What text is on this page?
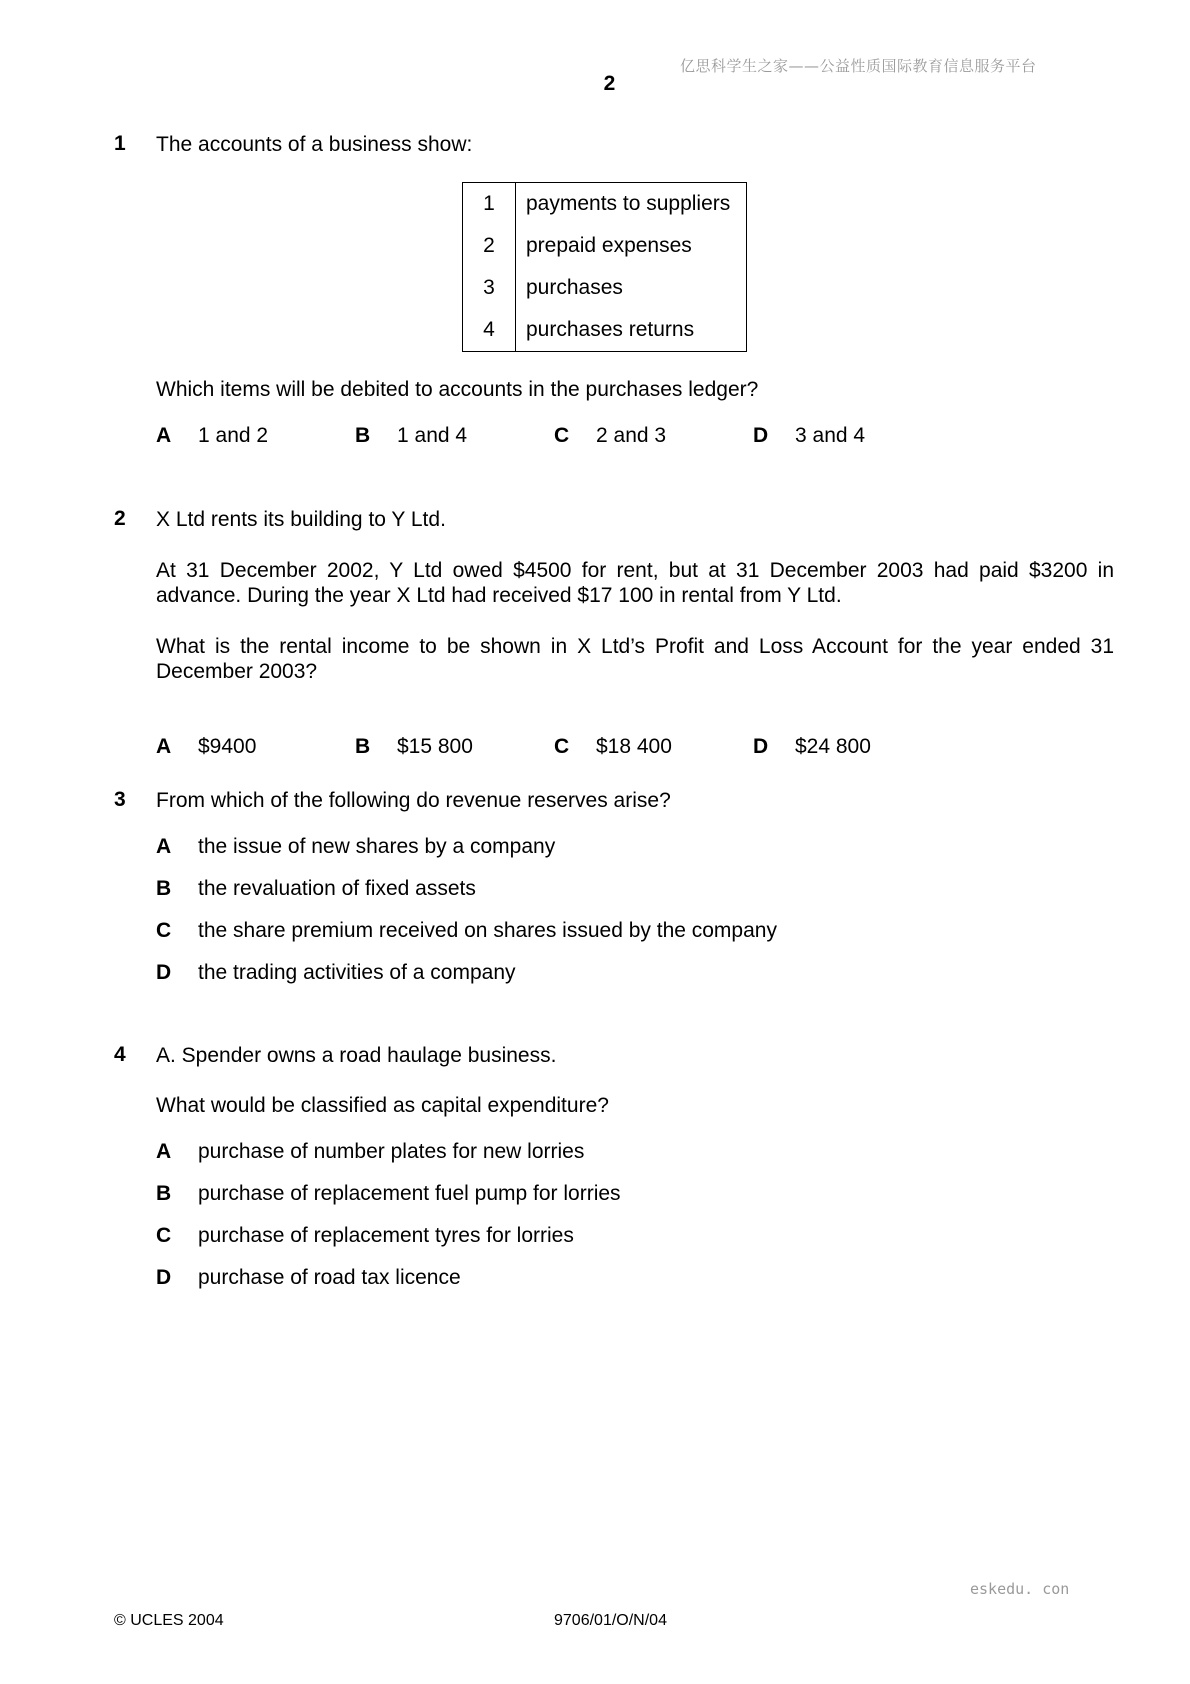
亿思科学生之家——公益性质国际教育信息服务平台
2
1 The accounts of a business show:
1	payments to suppliers
2	prepaid expenses
3	purchases
4	purchases returns
Which items will be debited to accounts in the purchases ledger?
A 1 and 2	B 1 and 4	C 2 and 3	D 3 and 4
2 X Ltd rents its building to Y Ltd.

At 31 December 2002, Y Ltd owed $4500 for rent, but at 31 December 2003 had paid $3200 in advance. During the year X Ltd had received $17 100 in rental from Y Ltd.

What is the rental income to be shown in X Ltd’s Profit and Loss Account for the year ended 31 December 2003?

A $9400	B $15 800	C $18 400	D $24 800
3 From which of the following do revenue reserves arise?
A	the issue of new shares by a company
B	the revaluation of fixed assets
C	the share premium received on shares issued by the company
D	the trading activities of a company
4 A. Spender owns a road haulage business.
What would be classified as capital expenditure?
A	purchase of number plates for new lorries
B	purchase of replacement fuel pump for lorries
C	purchase of replacement tyres for lorries
D	purchase of road tax licence
eskedu. con
© UCLES 2004	9706/01/O/N/04
